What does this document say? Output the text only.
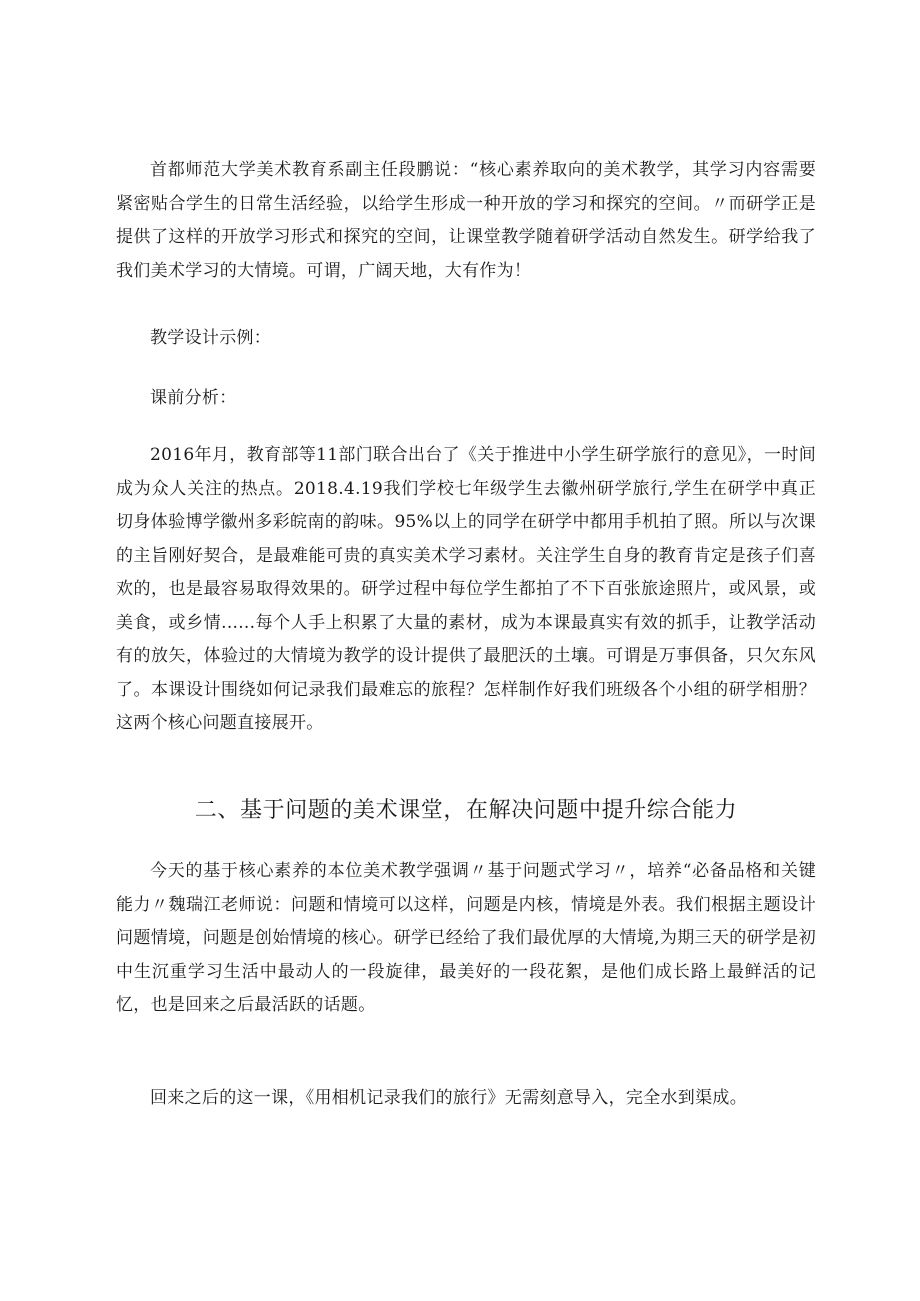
首都师范大学美术教育系副主任段鹏说：“核心素养取向的美术教学，其学习内容需要紧密贴合学生的日常生活经验，以给学生形成一种开放的学习和探究的空间。〃而研学正是提供了这样的开放学习形式和探究的空间，让课堂教学随着研学活动自然发生。研学给我了我们美术学习的大情境。可谓，广阔天地，大有作为！

教学设计示例：

课前分析：

2016年月，教育部等11部门联合出台了《关于推进中小学生研学旅行的意见》，一时间成为众人关注的热点。2018.4.19我们学校七年级学生去徽州研学旅行,学生在研学中真正切身体验博学徽州多彩皖南的韵味。95%以上的同学在研学中都用手机拍了照。所以与次课的主旨刚好契合，是最难能可贵的真实美术学习素材。关注学生自身的教育肯定是孩子们喜欢的，也是最容易取得效果的。研学过程中每位学生都拍了不下百张旅途照片，或风景，或美食，或乡情......每个人手上积累了大量的素材，成为本课最真实有效的抓手，让教学活动有的放矢，体验过的大情境为教学的设计提供了最肥沃的土壤。可谓是万事俱备，只欠东风了。本课设计围绕如何记录我们最难忘的旅程？怎样制作好我们班级各个小组的研学相册？这两个核心问题直接展开。

二、基于问题的美术课堂，在解决问题中提升综合能力

今天的基于核心素养的本位美术教学强调〃基于问题式学习〃，培养“必备品格和关键能力〃魏瑞江老师说：问题和情境可以这样，问题是内核，情境是外表。我们根据主题设计问题情境，问题是创始情境的核心。研学已经给了我们最优厚的大情境,为期三天的研学是初中生沉重学习生活中最动人的一段旋律，最美好的一段花絮，是他们成长路上最鲜活的记忆，也是回来之后最活跃的话题。

回来之后的这一课，《用相机记录我们的旅行》无需刻意导入，完全水到渠成。
